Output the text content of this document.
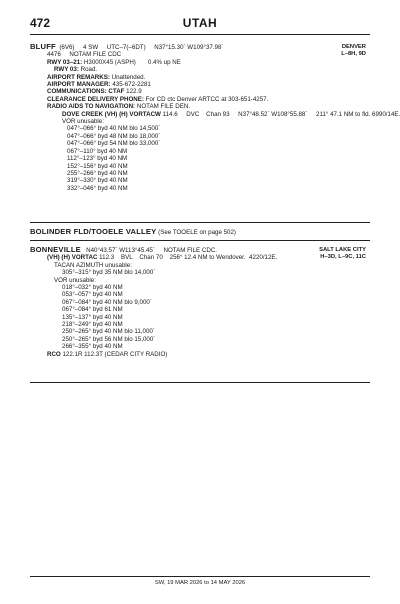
472	UTAH
DENVER
L–8H, 9D
BLUFF  (6V6)     4 SW     UTC–7(–6DT)     N37°15.30´ W109°37.98´
4476     NOTAM FILE CDC
RWY 03–21: H3000X45 (ASPH)       0.4% up NE
RWY 03: Road.
AIRPORT REMARKS: Unattended.
AIRPORT MANAGER: 435-672-2281
COMMUNICATIONS: CTAF 122.9
CLEARANCE DELIVERY PHONE: For CD ctc Denver ARTCC at 303-651-4257.
RADIO AIDS TO NAVIGATION: NOTAM FILE DEN.
DOVE CREEK (VH) (H) VORTACW 114.6     DVC    Chan 93     N37°48.52´ W108°55.88´     211° 47.1 NM to fld. 6990/14E.
VOR unusable:
047°–066° byd 40 NM blo 14,500´
047°–066° byd 48 NM blo 18,000´
047°–066° byd 54 NM blo 33,000´
067°–110° byd 40 NM
112°–123° byd 40 NM
152°–156° byd 40 NM
255°–266° byd 40 NM
319°–330° byd 40 NM
332°–046° byd 40 NM
BOLINDER FLD/TOOELE VALLEY (See TOOELE on page 502)
SALT LAKE CITY
H–3D, L–9C, 11C
BONNEVILLE   N40°43.57´ W113°45.45´     NOTAM FILE CDC.
(VH) (H) VORTAC 112.3    BVL    Chan 70    256° 12.4 NM to Wendover.  4220/12E.
TACAN AZIMUTH unusable:
305°–315° byd 35 NM blo 14,000´
VOR unusable:
018°–032° byd 40 NM
053°–057° byd 40 NM
067°–084° byd 40 NM blo 9,000´
067°–084° byd 61 NM
135°–137° byd 40 NM
218°–249° byd 40 NM
250°–265° byd 40 NM blo 11,000´
250°–265° byd 56 NM blo 15,000´
266°–355° byd 40 NM
RCO 122.1R 112.3T (CEDAR CITY RADIO)
SW, 19 MAR 2026 to 14 MAY 2026
